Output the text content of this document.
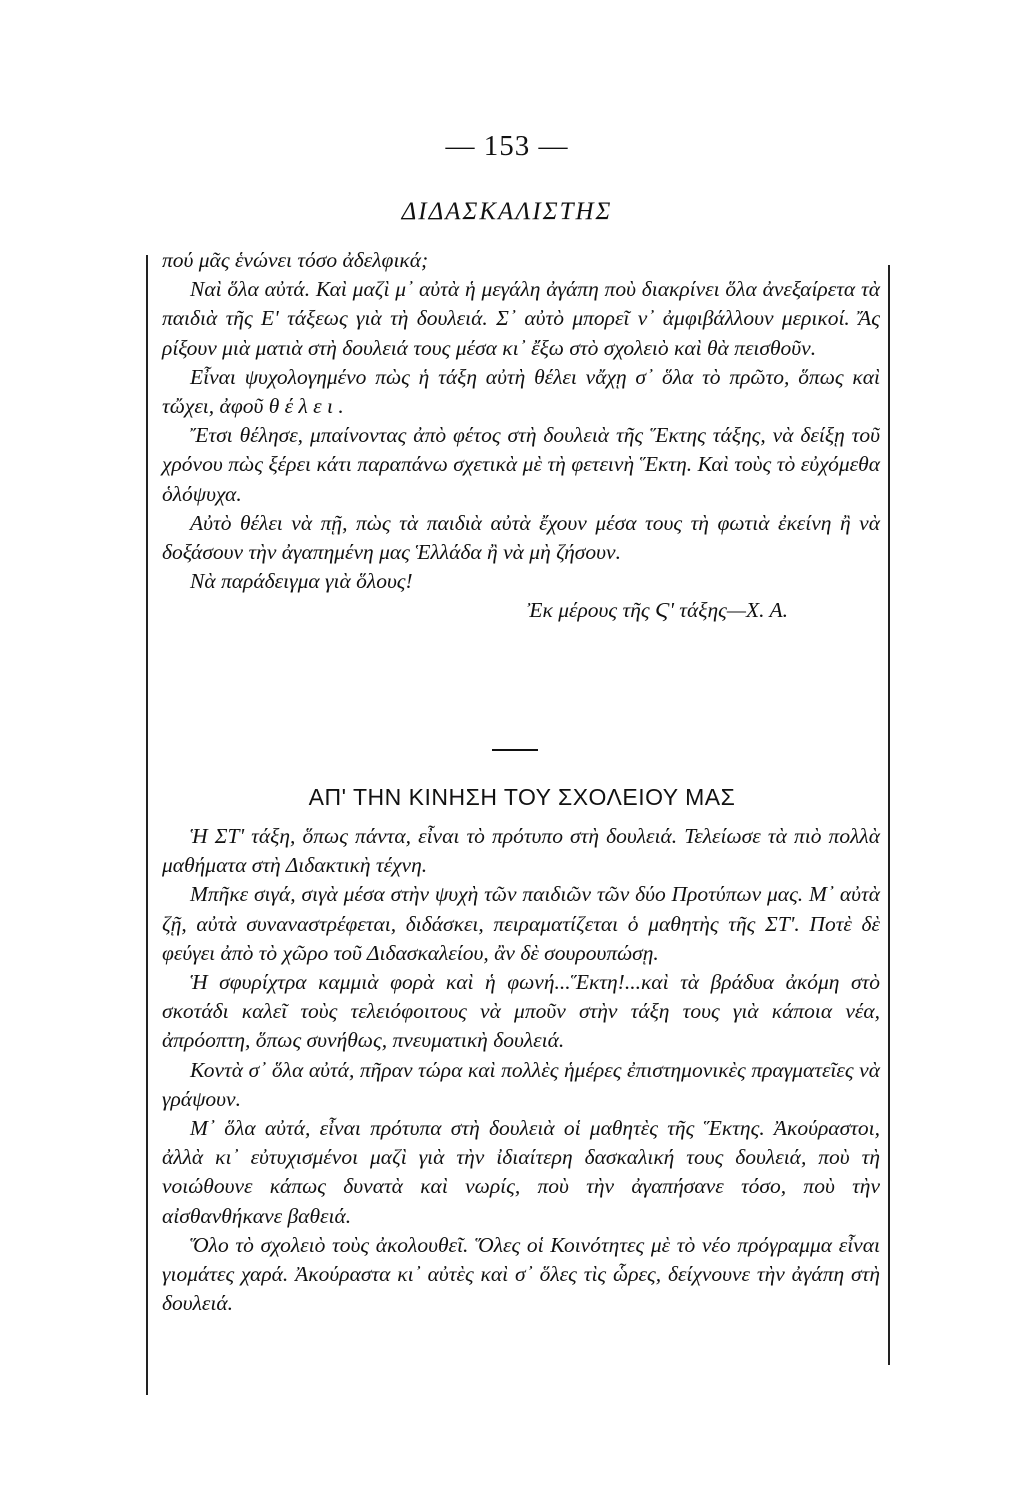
— 153 —
ΔΙΔΑΣΚΑΛΙΣΤΗΣ

πού μᾶς ἑνώνει τόσο ἀδελφικά;

Ναὶ ὅλα αὐτά. Καὶ μαζὶ μ᾽ αὐτὰ ἡ μεγάλη ἀγάπη ποὺ διακρίνει ὅλα ἀνεξαίρετα τὰ παιδιὰ τῆς Ε' τάξεως γιὰ τὴ δουλειά. Σ᾽ αὐτὸ μπορεῖ ν᾽ ἀμφιβάλλουν μερικοί. Ἄς ρίξουν μιὰ ματιὰ στὴ δουλειά τους μέσα κι᾽ ἔξω στὸ σχολειὸ καὶ θὰ πεισθοῦν.

Εἶναι ψυχολογημένο πὼς ἡ τάξη αὐτὴ θέλει νἄχῃ σ᾽ ὅλα τὸ πρῶτο, ὅπως καὶ τὤχει, ἀφοῦ θ έ λ ε ι .

Ἔτσι θέλησε, μπαίνοντας ἀπὸ φέτος στὴ δουλειὰ τῆς Ἕκτης τάξης, νὰ δείξῃ τοῦ χρόνου πὼς ξέρει κάτι παραπάνω σχετικὰ μὲ τὴ φετεινὴ Ἕκτη. Καὶ τοὺς τὸ εὐχόμεθα ὁλόψυχα.

Αὐτὸ θέλει νὰ πῇ, πὼς τὰ παιδιὰ αὐτὰ ἔχουν μέσα τους τὴ φωτιὰ ἐκείνη ἢ νὰ δοξάσουν τὴν ἀγαπημένη μας Ἑλλάδα ἢ νὰ μὴ ζήσουν.

Νὰ παράδειγμα γιὰ ὅλους!

Ἐκ μέρους τῆς Ϛ' τάξης—Χ. Α.

ΑΠ' ΤΗΝ ΚΙΝΗΣΗ ΤΟΥ ΣΧΟΛΕΙΟΥ ΜΑΣ

Ἡ ΣΤ' τάξη, ὅπως πάντα, εἶναι τὸ πρότυπο στὴ δουλειά. Τελείωσε τὰ πιὸ πολλὰ μαθήματα στὴ Διδακτικὴ τέχνη.

Μπῆκε σιγά, σιγὰ μέσα στὴν ψυχὴ τῶν παιδιῶν τῶν δύο Προτύπων μας. Μ᾽ αὐτὰ ζῇ, αὐτὰ συναναστρέφεται, διδάσκει, πειραματίζεται ὁ μαθητὴς τῆς ΣΤ'. Ποτὲ δὲ φεύγει ἀπὸ τὸ χῶρο τοῦ Διδασκαλείου, ἂν δὲ σουρουπώσῃ.

Ἡ σφυρίχτρα καμμιὰ φορὰ καὶ ἡ φωνή...Ἕκτη!...καὶ τὰ βράδυα ἀκόμη στὸ σκοτάδι καλεῖ τοὺς τελειόφοιτους νὰ μποῦν στὴν τάξη τους γιὰ κάποια νέα, ἀπρόοπτη, ὅπως συνήθως, πνευματικὴ δουλειά.

Κοντὰ σ᾽ ὅλα αὐτά, πῆραν τώρα καὶ πολλὲς ἡμέρες ἐπιστημονικὲς πραγματεῖες νὰ γράψουν.

Μ᾽ ὅλα αὐτά, εἶναι πρότυπα στὴ δουλειὰ οἱ μαθητὲς τῆς Ἕκτης. Ἀκούραστοι, ἀλλὰ κι᾽ εὐτυχισμένοι μαζὶ γιὰ τὴν ἰδιαίτερη δασκαλική τους δουλειά, ποὺ τὴ νοιώθουνε κάπως δυνατὰ καὶ νωρίς, ποὺ τὴν ἀγαπήσανε τόσο, ποὺ τὴν αἰσθανθήκανε βαθειά.

Ὅλο τὸ σχολειὸ τοὺς ἀκολουθεῖ. Ὅλες οἱ Κοινότητες μὲ τὸ νέο πρόγραμμα εἶναι γιομάτες χαρά. Ἀκούραστα κι᾽ αὐτὲς καὶ σ᾽ ὅλες τὶς ὧρες, δείχνουνε τὴν ἀγάπη στὴ δουλειά.
